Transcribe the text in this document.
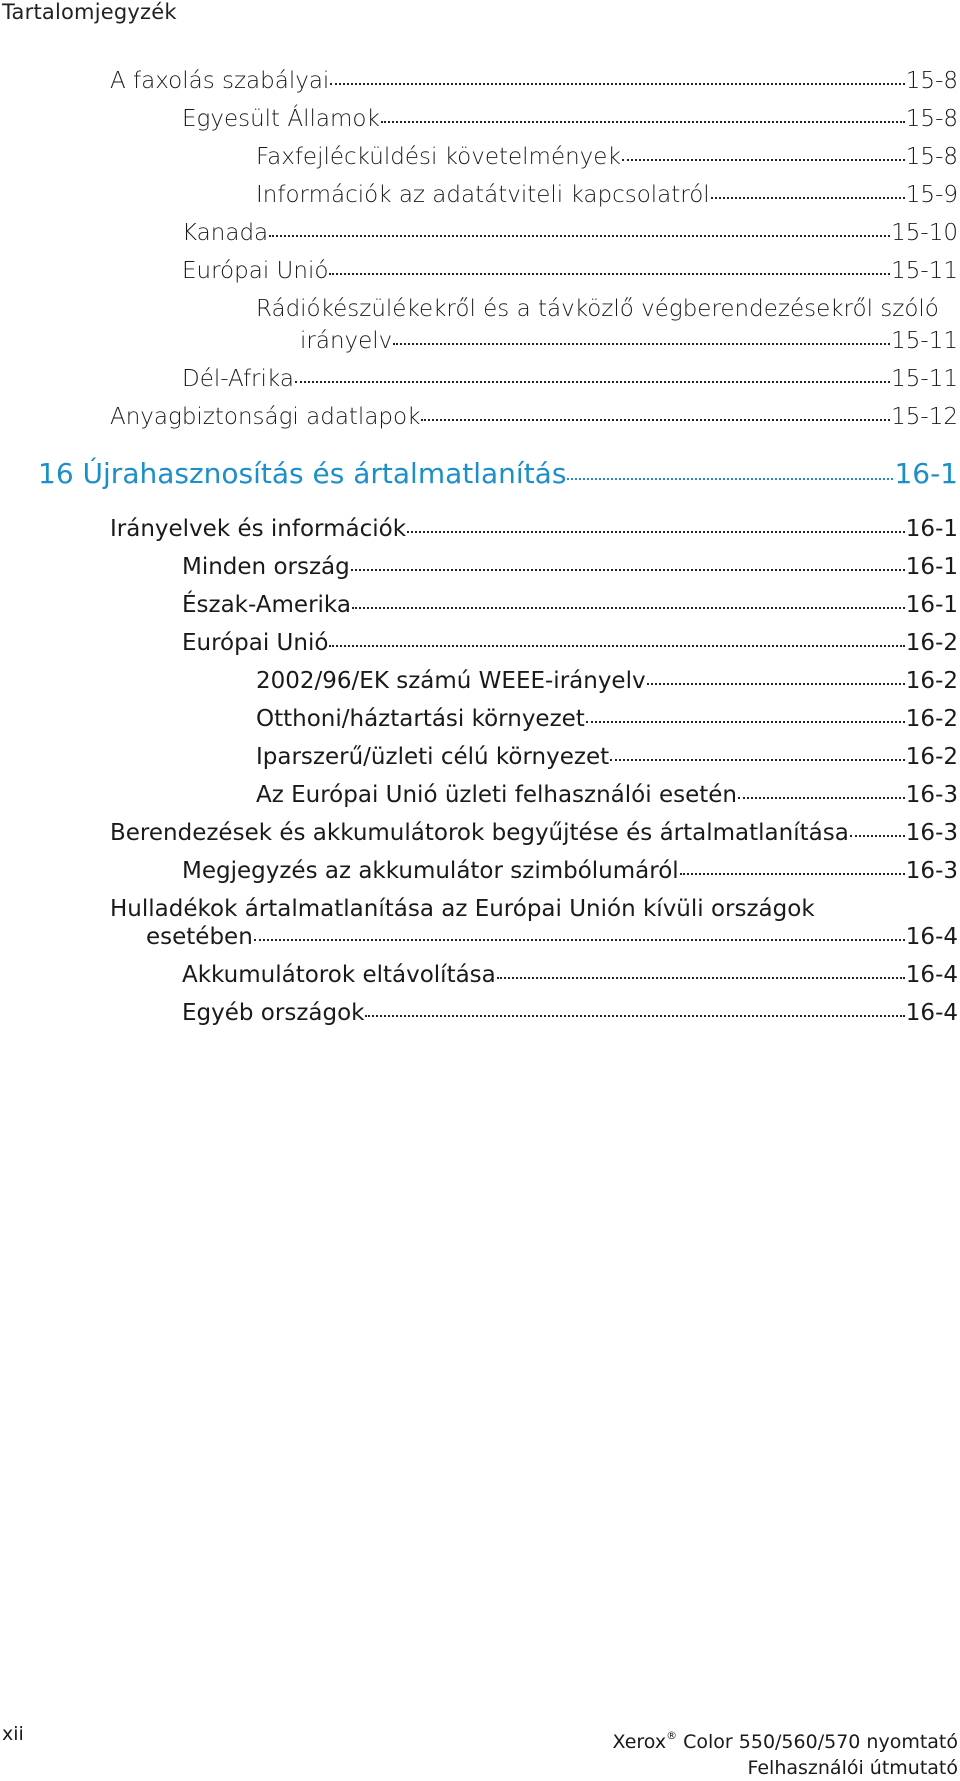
Tartalomjegyzék
A faxolás szabályai	15-8
Egyesült Államok	15-8
Faxfejlécküldési követelmények	15-8
Információk az adatátviteli kapcsolatról	15-9
Kanada	15-10
Európai Unió	15-11
Rádiókészülékekről és a távközlő végberendezésekről szóló
irányelv	15-11
Dél-Afrika	15-11
Anyagbiztonsági adatlapok	15-12
16 Újrahasznosítás és ártalmatlanítás	16-1
Irányelvek és információk	16-1
Minden ország	16-1
Észak-Amerika	16-1
Európai Unió	16-2
2002/96/EK számú WEEE-irányelv	16-2
Otthoni/háztartási környezet	16-2
Iparszerű/üzleti célú környezet	16-2
Az Európai Unió üzleti felhasználói esetén	16-3
Berendezések és akkumulátorok begyűjtése és ártalmatlanítása 16-3
Megjegyzés az akkumulátor szimbólumáról	16-3
Hulladékok ártalmatlanítása az Európai Unión kívüli országok
esetében	16-4
Akkumulátorok eltávolítása	16-4
Egyéb országok	16-4
xii	Xerox® Color 550/560/570 nyomtató
Felhasználói útmutató
